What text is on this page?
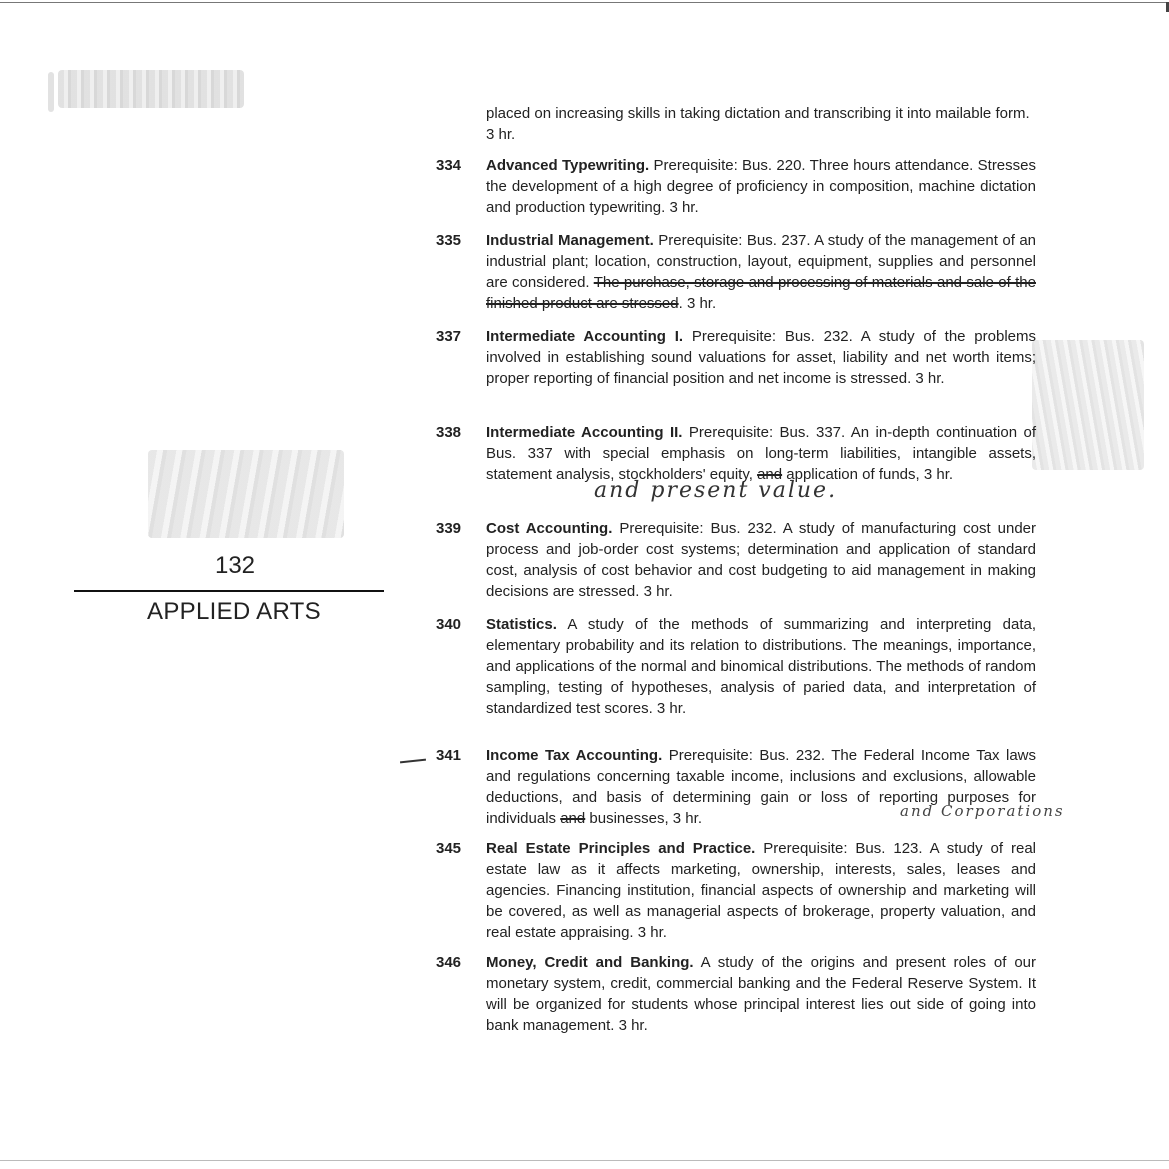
132
APPLIED ARTS
placed on increasing skills in taking dictation and transcribing it into mailable form. 3 hr.
334 Advanced Typewriting. Prerequisite: Bus. 220. Three hours attendance. Stresses the development of a high degree of proficiency in composition, machine dictation and production typewriting. 3 hr.
335 Industrial Management. Prerequisite: Bus. 237. A study of the management of an industrial plant; location, construction, layout, equipment, supplies and personnel are considered. The purchase, storage and processing of materials and sale of the finished product are stressed. 3 hr.
337 Intermediate Accounting I. Prerequisite: Bus. 232. A study of the problems involved in establishing sound valuations for asset, liability and net worth items; proper reporting of financial position and net income is stressed. 3 hr.
338 Intermediate Accounting II. Prerequisite: Bus. 337. An in-depth continuation of Bus. 337 with special emphasis on long-term liabilities, intangible assets, statement analysis, stockholders' equity, and application of funds, 3 hr.
and present value.
339 Cost Accounting. Prerequisite: Bus. 232. A study of manufacturing cost under process and job-order cost systems; determination and application of standard cost, analysis of cost behavior and cost budgeting to aid management in making decisions are stressed. 3 hr.
340 Statistics. A study of the methods of summarizing and interpreting data, elementary probability and its relation to distributions. The meanings, importance, and applications of the normal and binomical distributions. The methods of random sampling, testing of hypotheses, analysis of paried data, and interpretation of standardized test scores. 3 hr.
341 Income Tax Accounting. Prerequisite: Bus. 232. The Federal Income Tax laws and regulations concerning taxable income, inclusions and exclusions, allowable deductions, and basis of determining gain or loss of reporting purposes for individuals and businesses, 3 hr.	and Corporations
345 Real Estate Principles and Practice. Prerequisite: Bus. 123. A study of real estate law as it affects marketing, ownership, interests, sales, leases and agencies. Financing institution, financial aspects of ownership and marketing will be covered, as well as managerial aspects of brokerage, property valuation, and real estate appraising. 3 hr.
346 Money, Credit and Banking. A study of the origins and present roles of our monetary system, credit, commercial banking and the Federal Reserve System. It will be organized for students whose principal interest lies out side of going into bank management. 3 hr.
